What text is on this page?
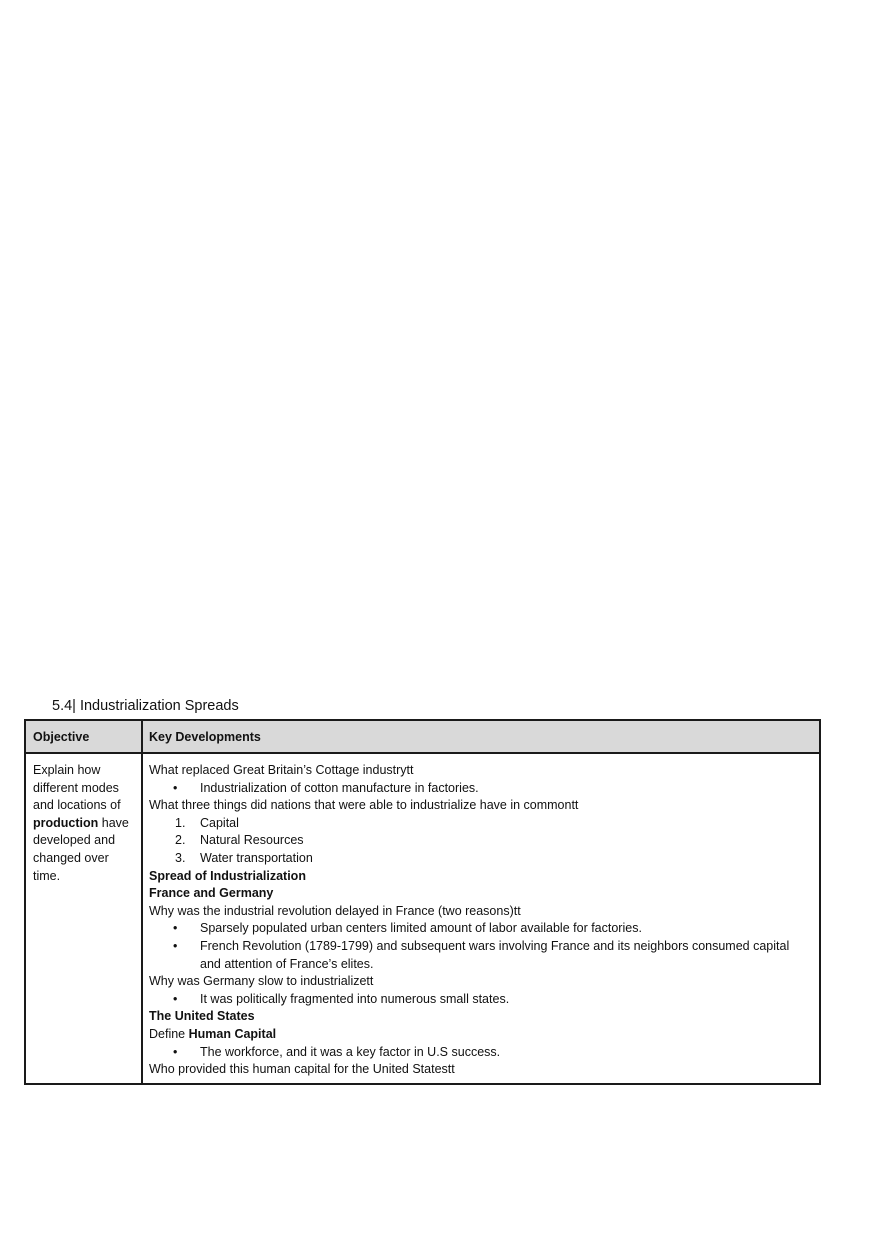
5.4| Industrialization Spreads
Objective	Key Developments
Explain how different modes and locations of production have developed and changed over time.
What replaced Great Britain’s Cottage industrytt
• Industrialization of cotton manufacture in factories.
What three things did nations that were able to industrialize have in commontt
1. Capital
2. Natural Resources
3. Water transportation
Spread of Industrialization
France and Germany
Why was the industrial revolution delayed in France (two reasons)tt
• Sparsely populated urban centers limited amount of labor available for factories.
• French Revolution (1789-1799) and subsequent wars involving France and its neighbors consumed capital and attention of France’s elites.
Why was Germany slow to industrializett
• It was politically fragmented into numerous small states.
The United States
Define Human Capital
• The workforce, and it was a key factor in U.S success.
Who provided this human capital for the United Statestt
